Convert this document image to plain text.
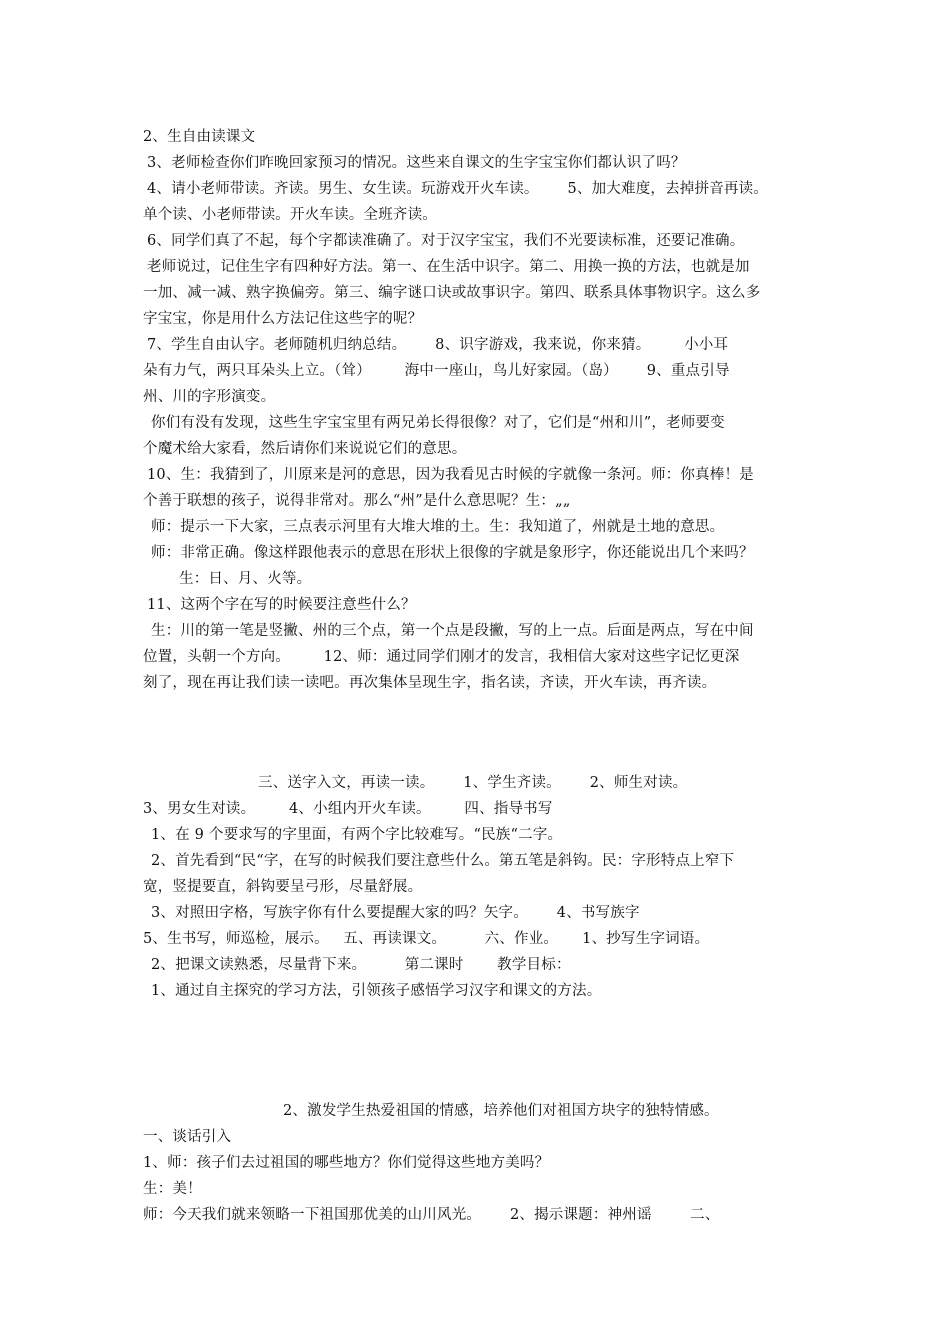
2、生自由读课文
3、老师检查你们昨晚回家预习的情况。这些来自课文的生字宝宝你们都认识了吗？
4、请小老师带读。齐读。男生、女生读。玩游戏开火车读。      5、加大难度，去掉拼音再读。
单个读、小老师带读。开火车读。全班齐读。
6、同学们真了不起，每个字都读准确了。对于汉字宝宝，我们不光要读标准，还要记准确。
老师说过，记住生字有四种好方法。第一、在生活中识字。第二、用换一换的方法，也就是加
一加、减一减、熟字换偏旁。第三、编字谜口诀或故事识字。第四、联系具体事物识字。这么多
字宝宝，你是用什么方法记住这些字的呢？
7、学生自由认字。老师随机归纳总结。      8、识字游戏，我来说，你来猜。       小小耳
朵有力气，两只耳朵头上立。（耸）       海中一座山，鸟儿好家园。（岛）      9、重点引导
州、川的字形演变。
你们有没有发现，这些生字宝宝里有两兄弟长得很像？对了，它们是“州和川”，老师要变
个魔术给大家看，然后请你们来说说它们的意思。
10、生：我猜到了，川原来是河的意思，因为我看见古时候的字就像一条河。师：你真棒！是
个善于联想的孩子，说得非常对。那么“州”是什么意思呢？生：„„
师：提示一下大家，三点表示河里有大堆大堆的土。生：我知道了，州就是土地的意思。
师：非常正确。像这样跟他表示的意思在形状上很像的字就是象形字，你还能说出几个来吗？
生：日、月、火等。
11、这两个字在写的时候要注意些什么？
生：川的第一笔是竖撇、州的三个点，第一个点是段撇，写的上一点。后面是两点，写在中间
位置，头朝一个方向。       12、师：通过同学们刚才的发言，我相信大家对这些字记忆更深
刻了，现在再让我们读一读吧。再次集体呈现生字，指名读，齐读，开火车读，再齐读。
三、送字入文，再读一读。      1、学生齐读。      2、师生对读。
3、男女生对读。       4、小组内开火车读。       四、指导书写
1、在 9 个要求写的字里面，有两个字比较难写。“民族“二字。
2、首先看到“民“字，在写的时候我们要注意些什么。第五笔是斜钩。民：字形特点上窄下
宽，竖提要直，斜钩要呈弓形，尽量舒展。
3、对照田字格，写族字你有什么要提醒大家的吗？矢字。      4、书写族字
5、生书写，师巡检，展示。   五、再读课文。        六、作业。     1、抄写生字词语。
2、把课文读熟悉，尽量背下来。        第二课时       教学目标：
1、通过自主探究的学习方法，引领孩子感悟学习汉字和课文的方法。
2、激发学生热爱祖国的情感，培养他们对祖国方块字的独特情感。
一、谈话引入
1、师：孩子们去过祖国的哪些地方？你们觉得这些地方美吗？
生：美！
师：今天我们就来领略一下祖国那优美的山川风光。      2、揭示课题：神州谣        二、
